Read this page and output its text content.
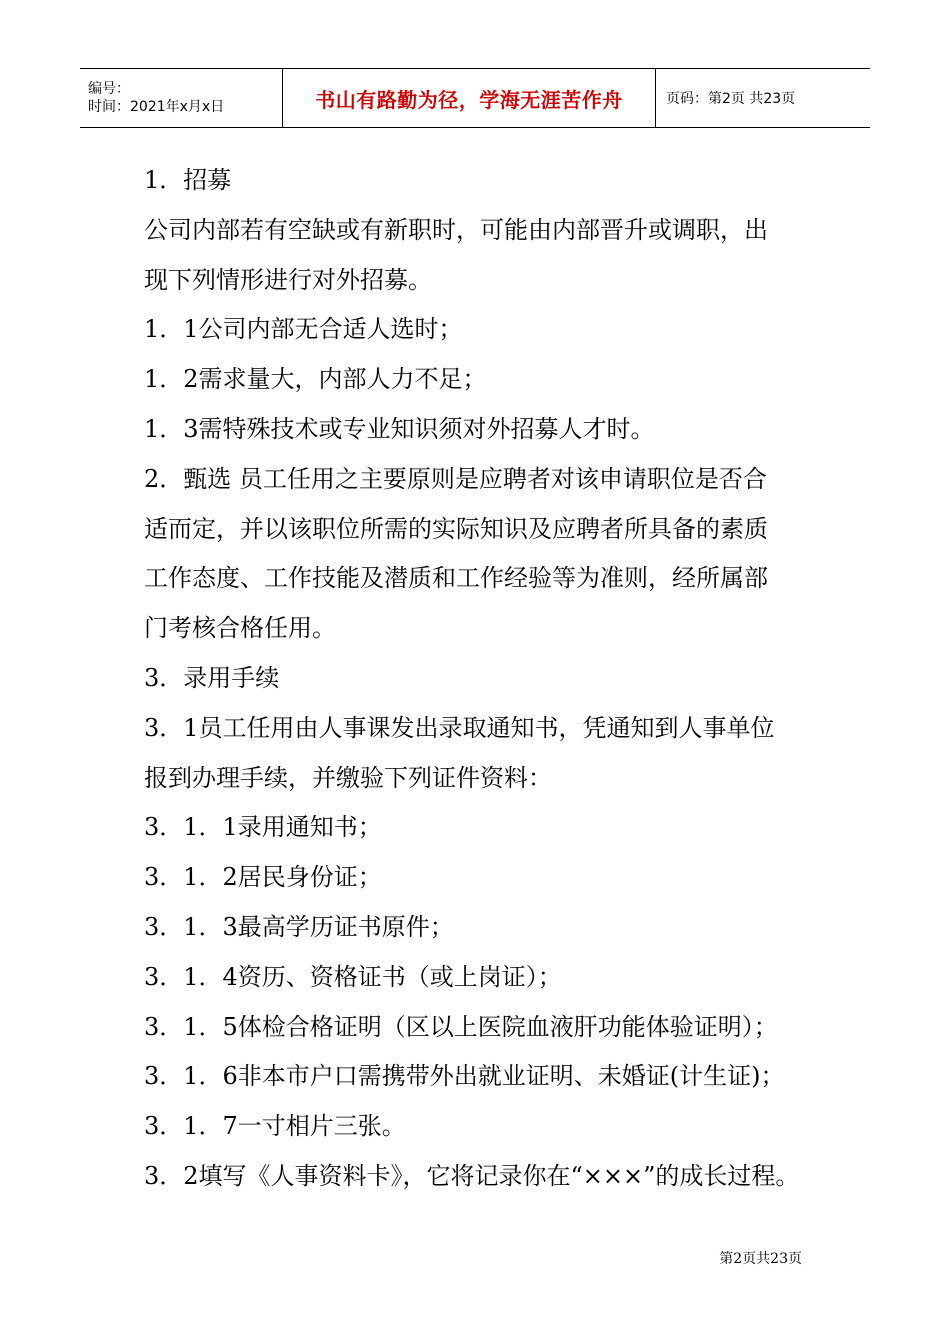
编号：
时间：2021年x月x日	书山有路勤为径，学海无涯苦作舟	页码：第2页 共23页

1．招募

公司内部若有空缺或有新职时，可能由内部晋升或调职，出

现下列情形进行对外招募。

1．1公司内部无合适人选时；

1．2需求量大，内部人力不足；

1．3需特殊技术或专业知识须对外招募人才时。

2．甄选 员工任用之主要原则是应聘者对该申请职位是否合

适而定，并以该职位所需的实际知识及应聘者所具备的素质

工作态度、工作技能及潜质和工作经验等为准则，经所属部

门考核合格任用。

3．录用手续

3．1员工任用由人事课发出录取通知书，凭通知到人事单位

报到办理手续，并缴验下列证件资料：

3．1．1录用通知书；

3．1．2居民身份证；

3．1．3最高学历证书原件；

3．1．4资历、资格证书（或上岗证）；

3．1．5体检合格证明（区以上医院血液肝功能体验证明）；

3．1．6非本市户口需携带外出就业证明、未婚证(计生证)；

3．1．7一寸相片三张。

3．2填写《人事资料卡》，它将记录你在“×××”的成长过程。

第2页共23页
